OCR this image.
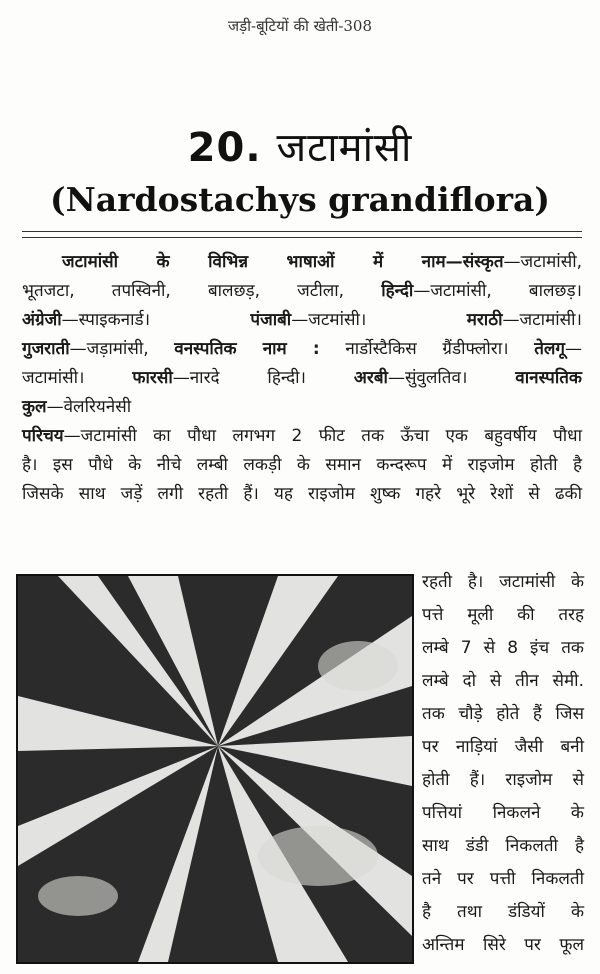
जड़ी-बूटियों की खेती-308
20. जटामांसी
(Nardostachys grandiflora)
जटामांसी के विभिन्न भाषाओं में नाम—संस्कृत—जटामांसी,
भूतजटा, तपस्विनी, बालछड़, जटीला, हिन्दी—जटामांसी, बालछड़।
अंग्रेजी—स्पाइकनार्ड। पंजाबी—जटमांसी। मराठी—जटामांसी।
गुजराती—जड़ामांसी, वनस्पतिक नाम : नार्डोस्टैकिस ग्रैंडीफ्लोरा। तेलगू—
जटामांसी। फारसी—नारदे हिन्दी। अरबी—सुंवुलतिव। वानस्पतिक
कुल—वेलरियनेसी
परिचय—जटामांसी का पौधा लगभग 2 फीट तक ऊँचा एक बहुवर्षीय पौधा
है। इस पौधे के नीचे लम्बी लकड़ी के समान कन्दरूप में राइजोम होती है
जिसके साथ जड़ें लगी रहती हैं। यह राइजोम शुष्क गहरे भूरे रेशों से ढकी
रहती है। जटामांसी के
पत्ते मूली की तरह
लम्बे 7 से 8 इंच तक
लम्बे दो से तीन सेमी.
तक चौड़े होते हैं जिस
पर नाड़ियां जैसी बनी
होती हैं। राइजोम से
पत्तियां निकलने के
साथ डंडी निकलती है
तने पर पत्ती निकलती
है तथा डंडियों के
अन्तिम सिरे पर फूल
